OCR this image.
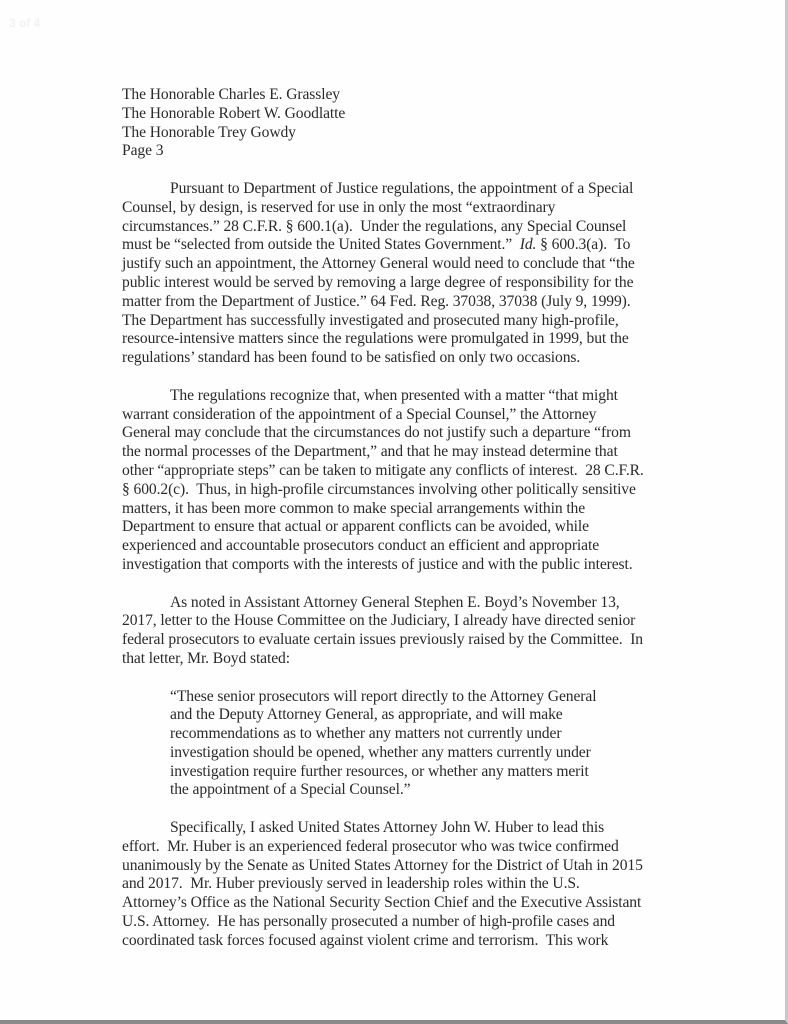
3 of 4

The Honorable Charles E. Grassley

The Honorable Robert W. Goodlatte

The Honorable Trey Gowdy

Page 3

Pursuant to Department of Justice regulations, the appointment of a Special
Counsel, by design, is reserved for use in only the most “extraordinary
circumstances.” 28 C.F.R. § 600.1(a).  Under the regulations, any Special Counsel
must be “selected from outside the United States Government.”  Id. § 600.3(a).  To
justify such an appointment, the Attorney General would need to conclude that “the
public interest would be served by removing a large degree of responsibility for the
matter from the Department of Justice.” 64 Fed. Reg. 37038, 37038 (July 9, 1999).
The Department has successfully investigated and prosecuted many high-profile,
resource-intensive matters since the regulations were promulgated in 1999, but the
regulations’ standard has been found to be satisfied on only two occasions.
The regulations recognize that, when presented with a matter “that might
warrant consideration of the appointment of a Special Counsel,” the Attorney
General may conclude that the circumstances do not justify such a departure “from
the normal processes of the Department,” and that he may instead determine that
other “appropriate steps” can be taken to mitigate any conflicts of interest.  28 C.F.R.
§ 600.2(c).  Thus, in high-profile circumstances involving other politically sensitive
matters, it has been more common to make special arrangements within the
Department to ensure that actual or apparent conflicts can be avoided, while
experienced and accountable prosecutors conduct an efficient and appropriate
investigation that comports with the interests of justice and with the public interest.
As noted in Assistant Attorney General Stephen E. Boyd’s November 13,
2017, letter to the House Committee on the Judiciary, I already have directed senior
federal prosecutors to evaluate certain issues previously raised by the Committee.  In
that letter, Mr. Boyd stated:
“These senior prosecutors will report directly to the Attorney General
and the Deputy Attorney General, as appropriate, and will make
recommendations as to whether any matters not currently under
investigation should be opened, whether any matters currently under
investigation require further resources, or whether any matters merit
the appointment of a Special Counsel.”
Specifically, I asked United States Attorney John W. Huber to lead this
effort.  Mr. Huber is an experienced federal prosecutor who was twice confirmed
unanimously by the Senate as United States Attorney for the District of Utah in 2015
and 2017.  Mr. Huber previously served in leadership roles within the U.S.
Attorney’s Office as the National Security Section Chief and the Executive Assistant
U.S. Attorney.  He has personally prosecuted a number of high-profile cases and
coordinated task forces focused against violent crime and terrorism.  This work
